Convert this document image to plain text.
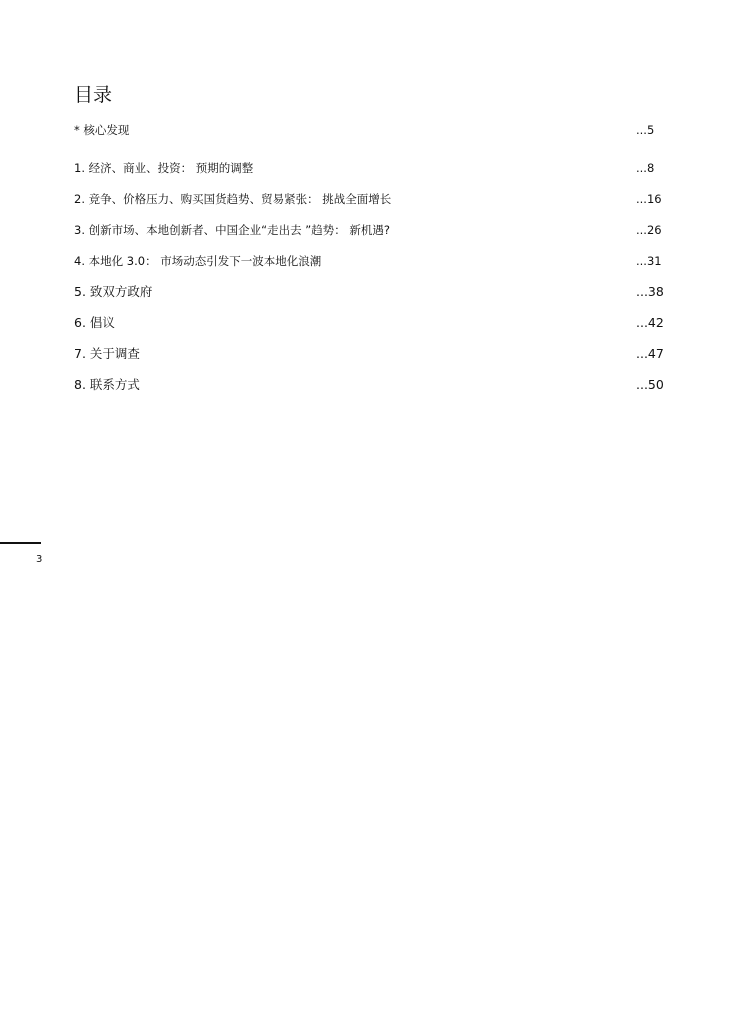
目录
* 核心发现	...5
1. 经济、商业、投资： 预期的调整	...8
2. 竞争、价格压力、购买国货趋势、贸易紧张： 挑战全面增长	...16
3. 创新市场、本地创新者、中国企业“走出去 ”趋势： 新机遇?	...26
4. 本地化 3.0： 市场动态引发下一波本地化浪潮	...31
5. 致双方政府	...38
6. 倡议	...42
7. 关于调查	...47
8. 联系方式	...50
3
